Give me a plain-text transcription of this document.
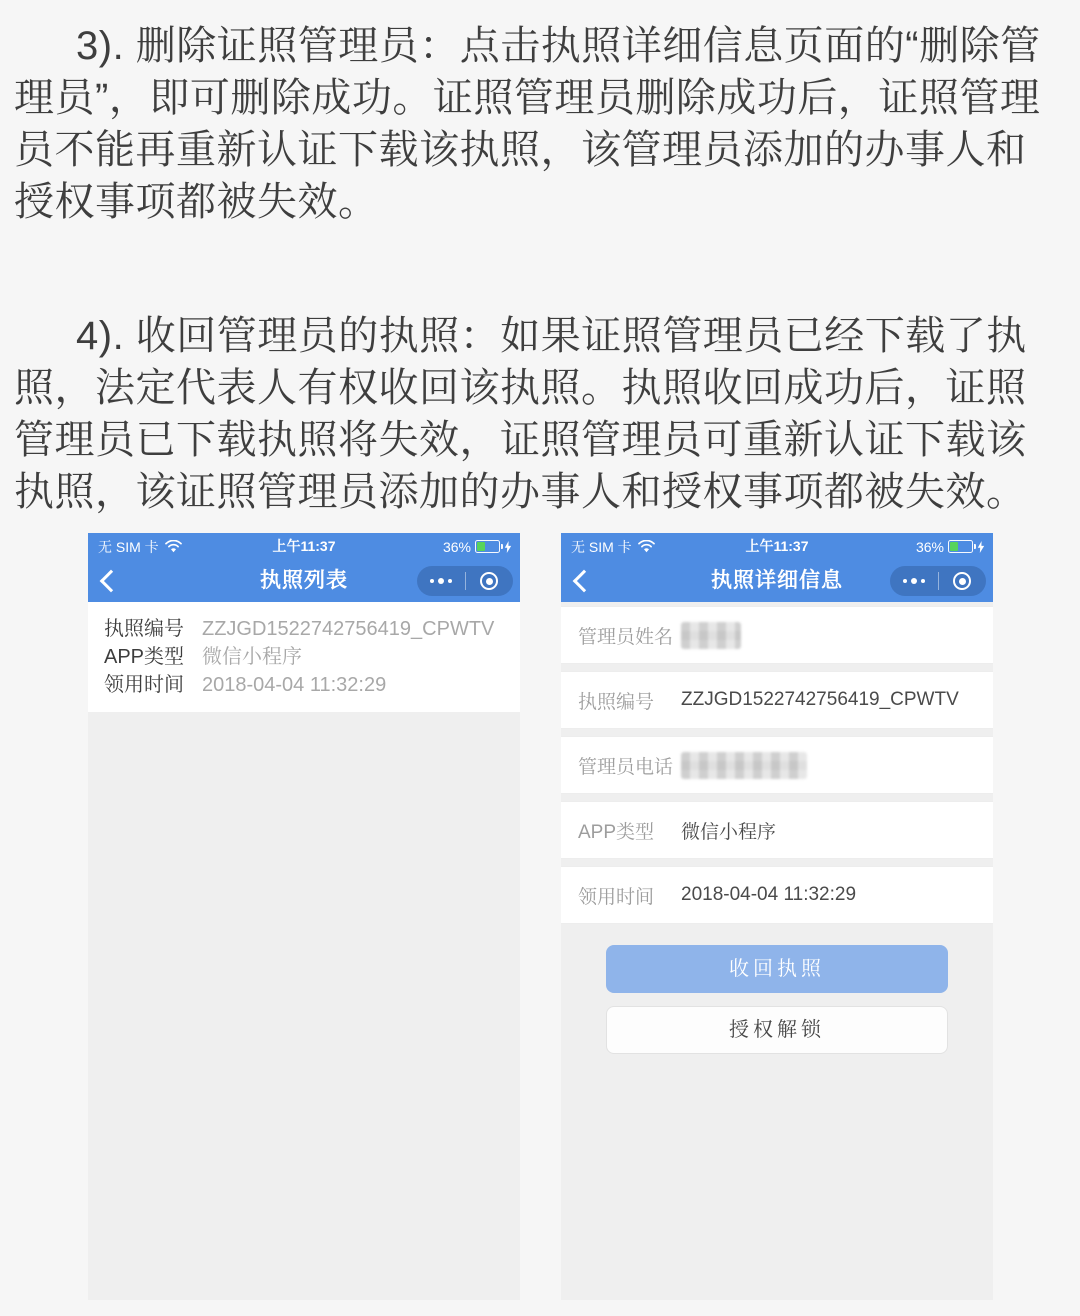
3). 删除证照管理员：点击执照详细信息页面的“删除管理员”，即可删除成功。证照管理员删除成功后，证照管理员不能再重新认证下载该执照，该管理员添加的办事人和授权事项都被失效。
4). 收回管理员的执照：如果证照管理员已经下载了执照，法定代表人有权收回该执照。执照收回成功后，证照管理员已下载执照将失效，证照管理员可重新认证下载该执照，该证照管理员添加的办事人和授权事项都被失效。
无 SIM 卡	上午11:37	36%
执照列表
执照编号 ZZJGD1522742756419_CPWTV
APP类型 微信小程序
领用时间 2018-04-04 11:32:29
无 SIM 卡	上午11:37	36%
执照详细信息
管理员姓名
执照编号	ZZJGD1522742756419_CPWTV
管理员电话
APP类型	微信小程序
领用时间	2018-04-04 11:32:29
收回执照
授权解锁
